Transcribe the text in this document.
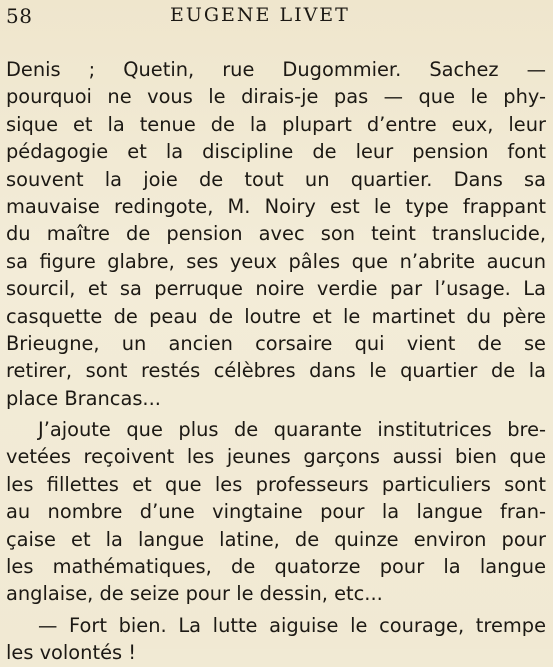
58	EUGENE LIVET
Denis ; Quetin, rue Dugommier. Sachez —
pourquoi ne vous le dirais-je pas — que le phy-
sique et la tenue de la plupart d’entre eux, leur
pédagogie et la discipline de leur pension font
souvent la joie de tout un quartier. Dans sa
mauvaise redingote, M. Noiry est le type frappant
du maître de pension avec son teint translucide,
sa figure glabre, ses yeux pâles que n’abrite aucun
sourcil, et sa perruque noire verdie par l’usage. La
casquette de peau de loutre et le martinet du père
Brieugne, un ancien corsaire qui vient de se
retirer, sont restés célèbres dans le quartier de la
place Brancas...
J’ajoute que plus de quarante institutrices bre-
vetées reçoivent les jeunes garçons aussi bien que
les fillettes et que les professeurs particuliers sont
au nombre d’une vingtaine pour la langue fran-
çaise et la langue latine, de quinze environ pour
les mathématiques, de quatorze pour la langue
anglaise, de seize pour le dessin, etc...
— Fort bien. La lutte aiguise le courage, trempe
les volontés !
